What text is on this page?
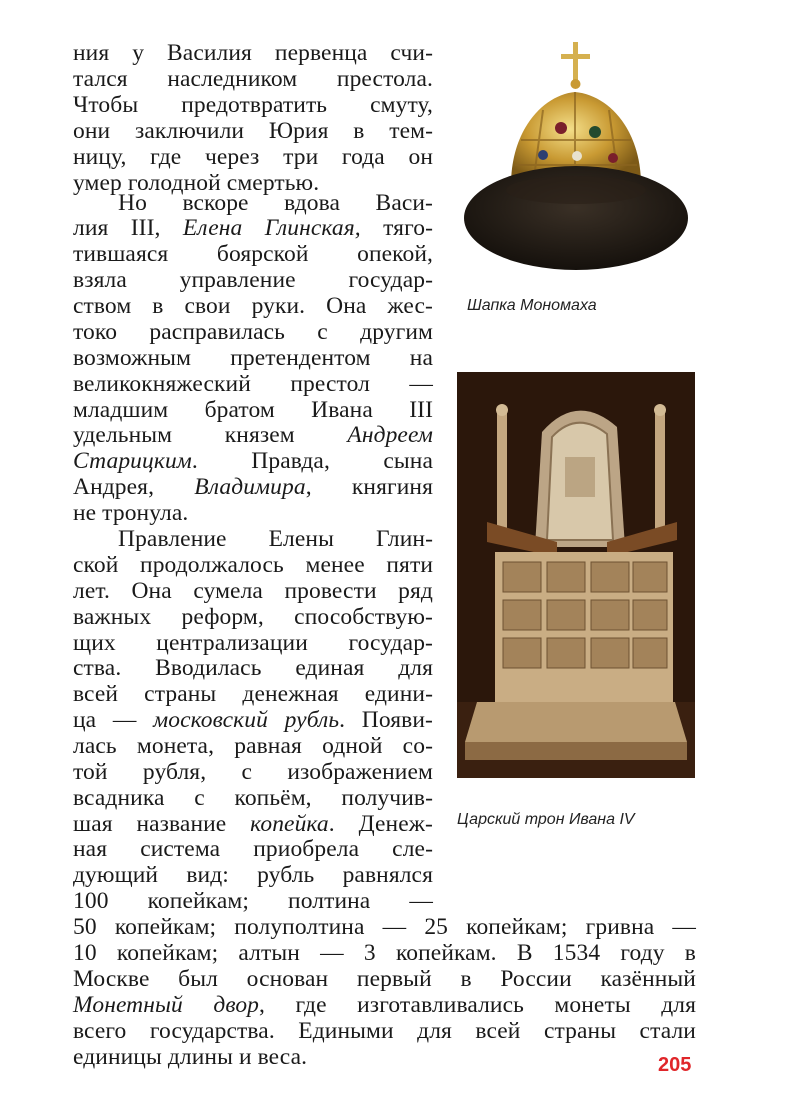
ния у Василия первенца счи-
тался наследником престола.
Чтобы предотвратить смуту,
они заключили Юрия в тем-
ницу, где через три года он
умер голодной смертью.
Но вскоре вдова Васи-
лия III, Елена Глинская, тяго-
тившаяся боярской опекой,
взяла управление государ-
ством в свои руки. Она жес-
токо расправилась с другим
возможным претендентом на
великокняжеский престол —
младшим братом Ивана III
удельным князем Андреем
Старицким. Правда, сына
Андрея, Владимира, княгиня
не тронула.
Правление Елены Глин-
ской продолжалось менее пяти
лет. Она сумела провести ряд
важных реформ, способствую-
щих централизации государ-
ства. Вводилась единая для
всей страны денежная едини-
ца — московский рубль. Появи-
лась монета, равная одной со-
той рубля, с изображением
всадника с копьём, получив-
шая название копейка. Денеж-
ная система приобрела сле-
дующий вид: рубль равнялся
100 копейкам; полтина —
50 копейкам; полуполтина — 25 копейкам; гривна —
10 копейкам; алтын — 3 копейкам. В 1534 году в
Москве был основан первый в России казённый
Монетный двор, где изготавливались монеты для
всего государства. Едиными для всей страны стали
единицы длины и веса.
Шапка Мономаха
Царский трон Ивана IV
205
